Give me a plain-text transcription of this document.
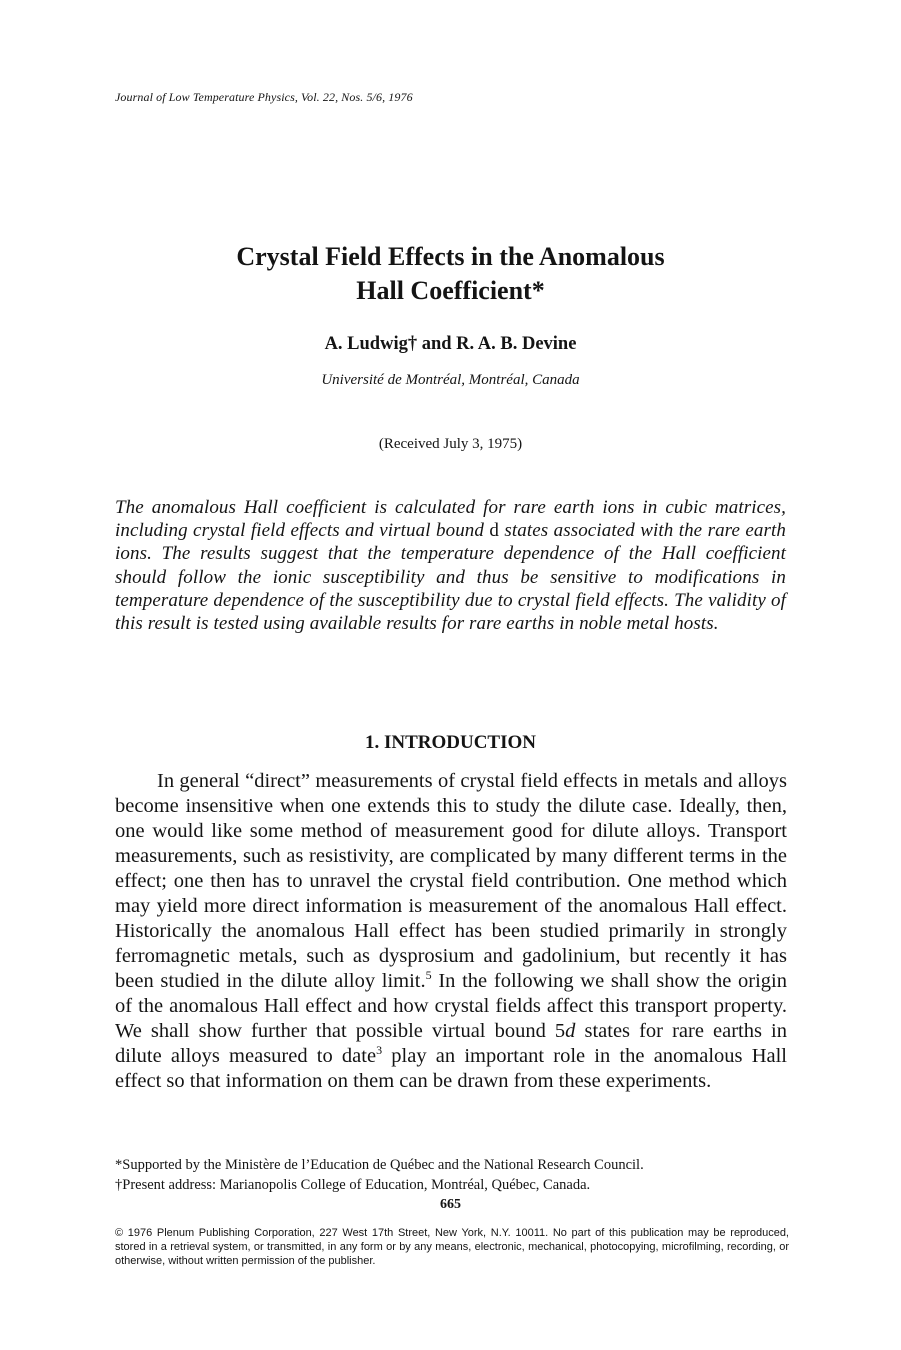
Journal of Low Temperature Physics, Vol. 22, Nos. 5/6, 1976
Crystal Field Effects in the Anomalous
Hall Coefficient*
A. Ludwig† and R. A. B. Devine
Université de Montréal, Montréal, Canada
(Received July 3, 1975)

The anomalous Hall coefficient is calculated for rare earth ions in cubic matrices, including crystal field effects and virtual bound d states associated with the rare earth ions. The results suggest that the temperature dependence of the Hall coefficient should follow the ionic susceptibility and thus be sensitive to modifications in temperature dependence of the susceptibility due to crystal field effects. The validity of this result is tested using available results for rare earths in noble metal hosts.

1. INTRODUCTION

In general “direct” measurements of crystal field effects in metals and alloys become insensitive when one extends this to study the dilute case. Ideally, then, one would like some method of measurement good for dilute alloys. Transport measurements, such as resistivity, are complicated by many different terms in the effect; one then has to unravel the crystal field contribution. One method which may yield more direct information is measurement of the anomalous Hall effect. Historically the anomalous Hall effect has been studied primarily in strongly ferromagnetic metals, such as dysprosium and gadolinium, but recently it has been studied in the dilute alloy limit.$^5$ In the following we shall show the origin of the anomalous Hall effect and how crystal fields affect this transport property. We shall show further that possible virtual bound 5d states for rare earths in dilute alloys measured to date$^3$ play an important role in the anomalous Hall effect so that information on them can be drawn from these experiments.

*Supported by the Ministère de l’Education de Québec and the National Research Council.

†Present address: Marianopolis College of Education, Montréal, Québec, Canada.

665

© 1976 Plenum Publishing Corporation, 227 West 17th Street, New York, N.Y. 10011. No part of this publication may be reproduced, stored in a retrieval system, or transmitted, in any form or by any means, electronic, mechanical, photocopying, microfilming, recording, or otherwise, without written permission of the publisher.
